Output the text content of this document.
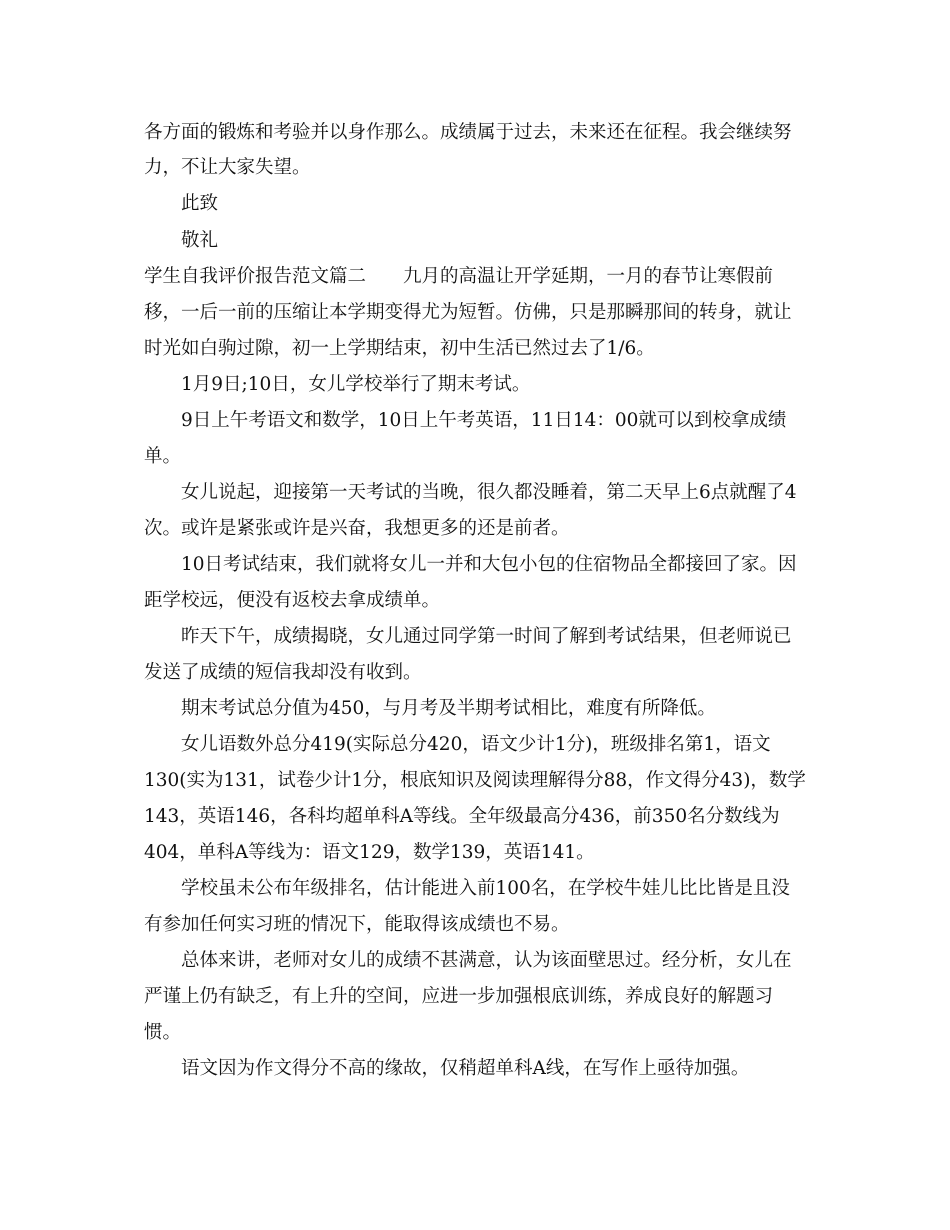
各方面的锻炼和考验并以身作那么。成绩属于过去，未来还在征程。我会继续努
力，不让大家失望。
此致
敬礼
学生自我评价报告范文篇二　　九月的高温让开学延期，一月的春节让寒假前
移，一后一前的压缩让本学期变得尤为短暂。仿佛，只是那瞬那间的转身，就让
时光如白驹过隙，初一上学期结束，初中生活已然过去了1/6。
1月9日;10日，女儿学校举行了期末考试。
9日上午考语文和数学，10日上午考英语，11日14：00就可以到校拿成绩
单。
女儿说起，迎接第一天考试的当晚，很久都没睡着，第二天早上6点就醒了4
次。或许是紧张或许是兴奋，我想更多的还是前者。
10日考试结束，我们就将女儿一并和大包小包的住宿物品全都接回了家。因
距学校远，便没有返校去拿成绩单。
昨天下午，成绩揭晓，女儿通过同学第一时间了解到考试结果，但老师说已
发送了成绩的短信我却没有收到。
期末考试总分值为450，与月考及半期考试相比，难度有所降低。
女儿语数外总分419(实际总分420，语文少计1分)，班级排名第1，语文
130(实为131，试卷少计1分，根底知识及阅读理解得分88，作文得分43)，数学
143，英语146，各科均超单科A等线。全年级最高分436，前350名分数线为
404，单科A等线为：语文129，数学139，英语141。
学校虽未公布年级排名，估计能进入前100名，在学校牛娃儿比比皆是且没
有参加任何实习班的情况下，能取得该成绩也不易。
总体来讲，老师对女儿的成绩不甚满意，认为该面壁思过。经分析，女儿在
严谨上仍有缺乏，有上升的空间，应进一步加强根底训练，养成良好的解题习
惯。
语文因为作文得分不高的缘故，仅稍超单科A线，在写作上亟待加强。
